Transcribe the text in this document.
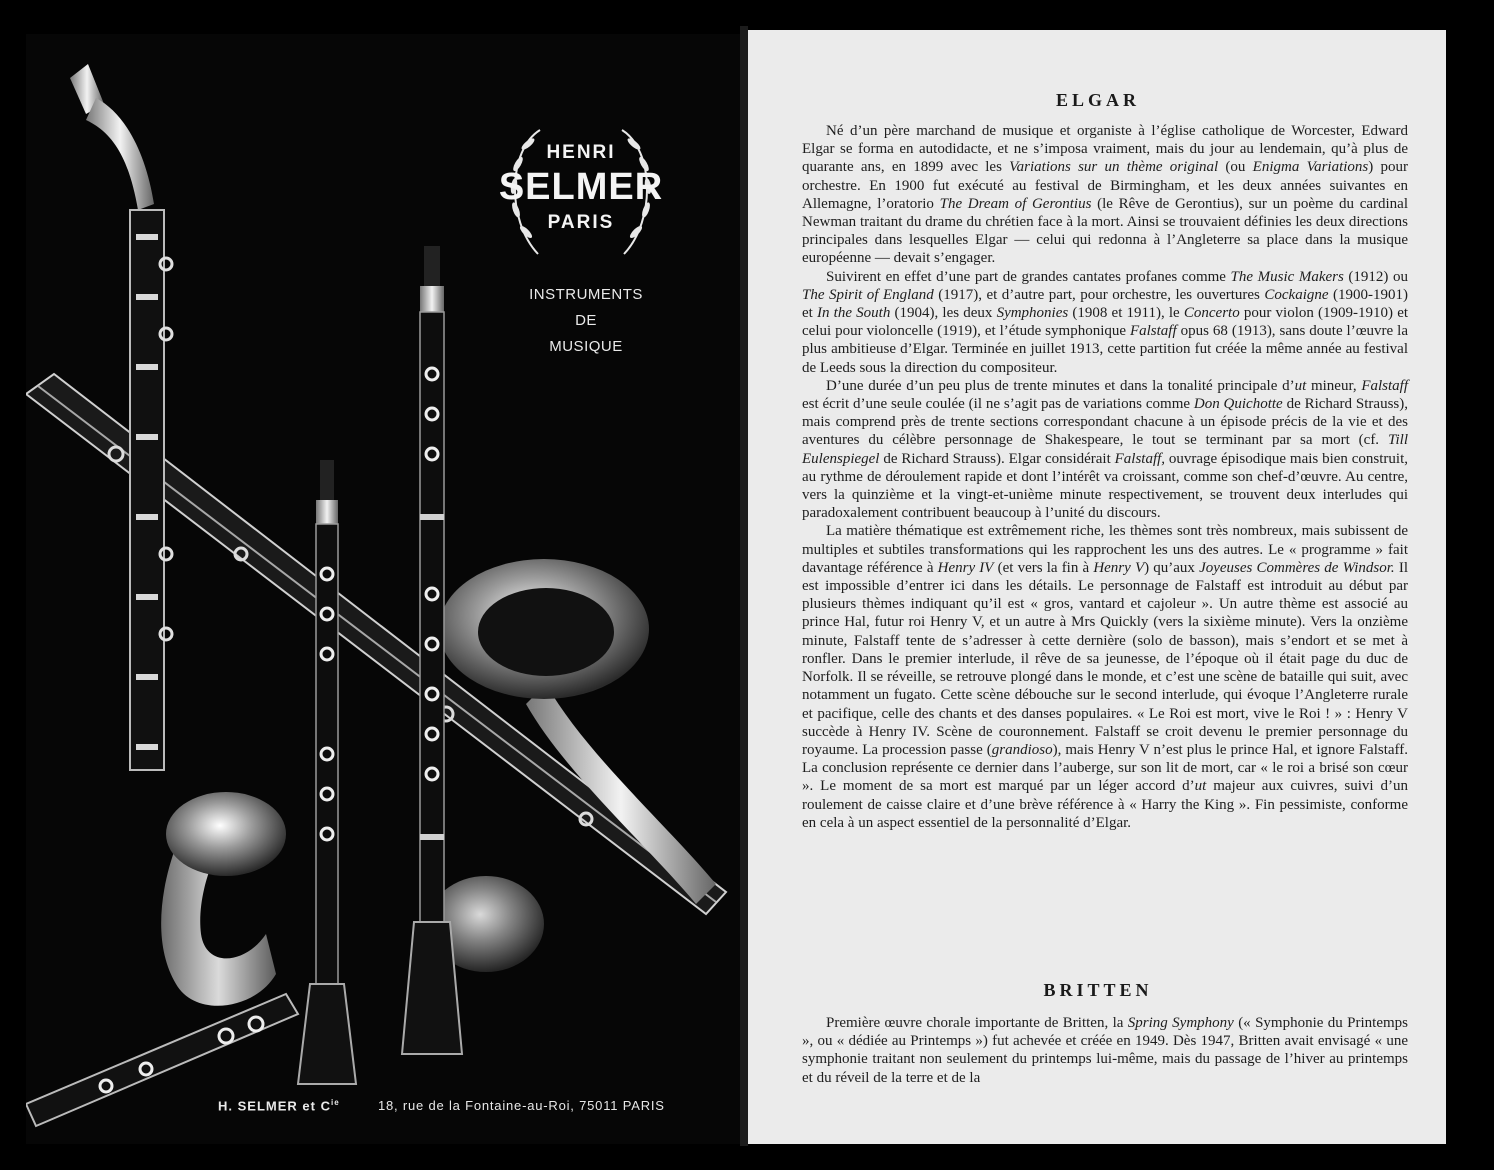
HENRI
SELMER
PARIS
INSTRUMENTS
DE
MUSIQUE
H. SELMER et $C^{ie}$	18, rue de la Fontaine-au-Roi, 75011 PARIS
ELGAR

Né d’un père marchand de musique et organiste à l’église catholique de Worcester, Edward Elgar se forma en autodidacte, et ne s’imposa vraiment, mais du jour au lendemain, qu’à plus de quarante ans, en 1899 avec les Variations sur un thème original (ou Enigma Variations) pour orchestre. En 1900 fut exécuté au festival de Birmingham, et les deux années suivantes en Allemagne, l’oratorio The Dream of Gerontius (le Rêve de Gerontius), sur un poème du cardinal Newman traitant du drame du chrétien face à la mort. Ainsi se trouvaient définies les deux directions principales dans lesquelles Elgar — celui qui redonna à l’Angleterre sa place dans la musique européenne — devait s’engager.

Suivirent en effet d’une part de grandes cantates profanes comme The Music Makers (1912) ou The Spirit of England (1917), et d’autre part, pour orchestre, les ouvertures Cockaigne (1900-1901) et In the South (1904), les deux Symphonies (1908 et 1911), le Concerto pour violon (1909-1910) et celui pour violoncelle (1919), et l’étude symphonique Falstaff opus 68 (1913), sans doute l’œuvre la plus ambitieuse d’Elgar. Terminée en juillet 1913, cette partition fut créée la même année au festival de Leeds sous la direction du compositeur.

D’une durée d’un peu plus de trente minutes et dans la tonalité principale d’ut mineur, Falstaff est écrit d’une seule coulée (il ne s’agit pas de variations comme Don Quichotte de Richard Strauss), mais comprend près de trente sections correspondant chacune à un épisode précis de la vie et des aventures du célèbre personnage de Shakespeare, le tout se terminant par sa mort (cf. Till Eulenspiegel de Richard Strauss). Elgar considérait Falstaff, ouvrage épisodique mais bien construit, au rythme de déroulement rapide et dont l’intérêt va croissant, comme son chef-d’œuvre. Au centre, vers la quinzième et la vingt-et-unième minute respectivement, se trouvent deux interludes qui paradoxalement contribuent beaucoup à l’unité du discours.

La matière thématique est extrêmement riche, les thèmes sont très nombreux, mais subissent de multiples et subtiles transformations qui les rapprochent les uns des autres. Le « programme » fait davantage référence à Henry IV (et vers la fin à Henry V) qu’aux Joyeuses Commères de Windsor. Il est impossible d’entrer ici dans les détails. Le personnage de Falstaff est introduit au début par plusieurs thèmes indiquant qu’il est « gros, vantard et cajoleur ». Un autre thème est associé au prince Hal, futur roi Henry V, et un autre à Mrs Quickly (vers la sixième minute). Vers la onzième minute, Falstaff tente de s’adresser à cette dernière (solo de basson), mais s’endort et se met à ronfler. Dans le premier interlude, il rêve de sa jeunesse, de l’époque où il était page du duc de Norfolk. Il se réveille, se retrouve plongé dans le monde, et c’est une scène de bataille qui suit, avec notamment un fugato. Cette scène débouche sur le second interlude, qui évoque l’Angleterre rurale et pacifique, celle des chants et des danses populaires. « Le Roi est mort, vive le Roi ! » : Henry V succède à Henry IV. Scène de couronnement. Falstaff se croit devenu le premier personnage du royaume. La procession passe (grandioso), mais Henry V n’est plus le prince Hal, et ignore Falstaff. La conclusion représente ce dernier dans l’auberge, sur son lit de mort, car « le roi a brisé son cœur ». Le moment de sa mort est marqué par un léger accord d’ut majeur aux cuivres, suivi d’un roulement de caisse claire et d’une brève référence à « Harry the King ». Fin pessimiste, conforme en cela à un aspect essentiel de la personnalité d’Elgar.

BRITTEN

Première œuvre chorale importante de Britten, la Spring Symphony (« Symphonie du Printemps », ou « dédiée au Printemps ») fut achevée et créée en 1949. Dès 1947, Britten avait envisagé « une symphonie traitant non seulement du printemps lui-même, mais du passage de l’hiver au printemps et du réveil de la terre et de la
